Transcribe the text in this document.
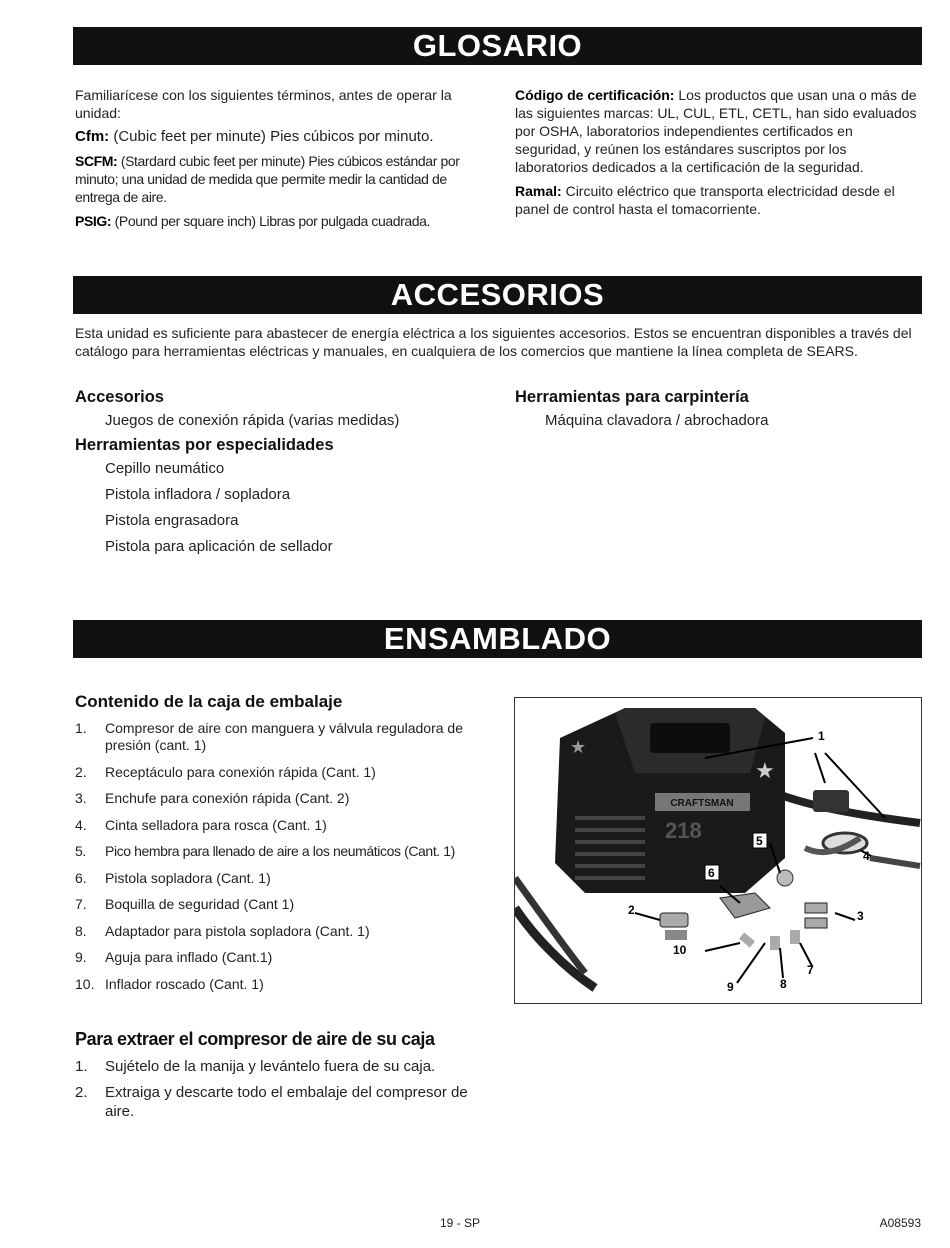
GLOSARIO

Familiarícese con los siguientes términos, antes de operar la unidad:

Cfm: (Cubic feet per minute) Pies cúbicos por minuto.

SCFM: (Stardard cubic feet per minute) Pies cúbicos estándar por minuto; una unidad de medida que permite medir la cantidad de entrega de aire.

PSIG: (Pound per square inch) Libras por pulgada cuadrada.

Código de certificación: Los productos que usan una o más de las siguientes marcas: UL, CUL, ETL, CETL, han sido evaluados por OSHA, laboratorios independientes certificados en seguridad, y reúnen los estándares suscriptos por los laboratorios dedicados a la certificación de la seguridad.

Ramal: Circuito eléctrico que transporta electricidad desde el panel de control hasta el tomacorriente.

ACCESORIOS
Esta unidad es suficiente para abastecer de energía eléctrica a los siguientes accesorios. Estos se encuentran disponibles a través del catálogo para herramientas eléctricas y manuales, en cualquiera de los comercios que mantiene la línea completa de SEARS.
Accesorios
Juegos de conexión rápida (varias medidas)
Herramientas por especialidades
Cepillo neumático
Pistola infladora / sopladora
Pistola engrasadora
Pistola para aplicación de sellador
Herramientas para carpintería
Máquina clavadora / abrochadora
ENSAMBLADO
Contenido de la caja de embalaje
1. Compresor de aire con manguera y válvula reguladora de presión (cant. 1)
2. Receptáculo para conexión rápida (Cant. 1)
3. Enchufe para conexión rápida (Cant. 2)
4. Cinta selladora para rosca (Cant. 1)
5. Pico hembra para llenado de aire a los neumáticos (Cant. 1)
6. Pistola sopladora (Cant. 1)
7. Boquilla de seguridad (Cant 1)
8. Adaptador para pistola sopladora (Cant. 1)
9. Aguja para inflado (Cant.1)
10. Inflador roscado (Cant. 1)
Para extraer el compresor de aire de su caja
1. Sujételo de la manija y levántelo fuera de su caja.
2. Extraiga y descarte todo el embalaje del compresor de aire.
CRAFTSMAN
218
★
★
1
2	3
4
5
6
7
8
9
10
19 - SP	A08593
